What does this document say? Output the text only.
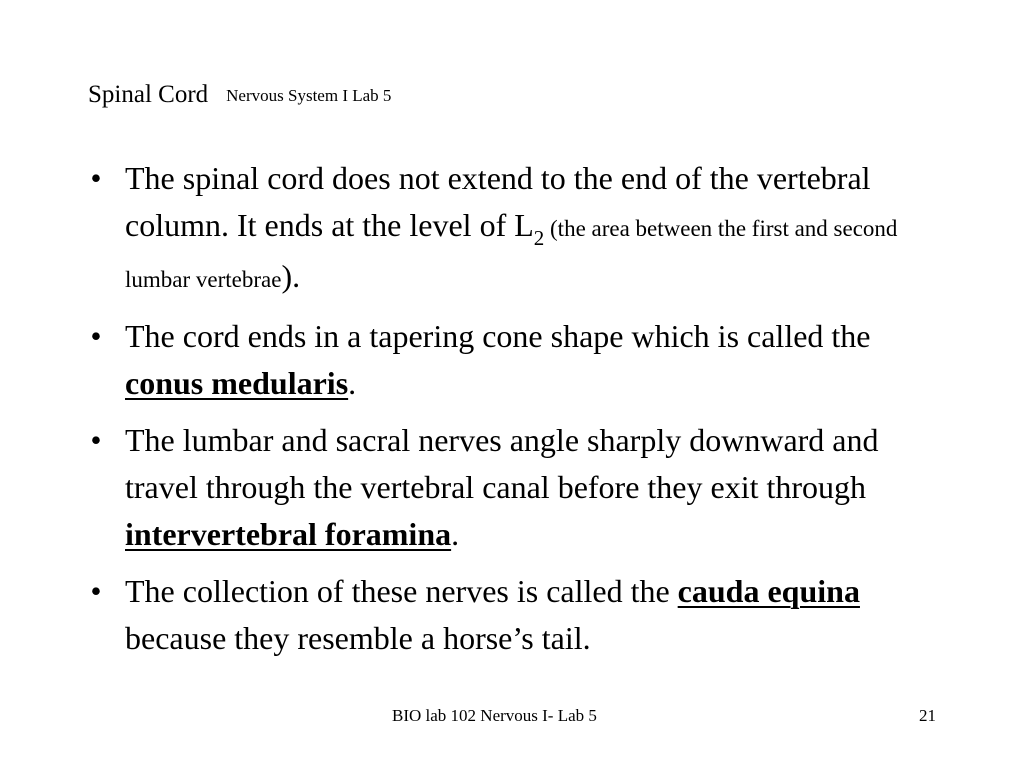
Spinal Cord Nervous System I Lab 5
• The spinal cord does not extend to the end of the vertebral column. It ends at the level of $L_2$ (the area between the first and second lumbar vertebrae).
• The cord ends in a tapering cone shape which is called the conus medularis.
• The lumbar and sacral nerves angle sharply downward and travel through the vertebral canal before they exit through intervertebral foramina.
• The collection of these nerves is called the cauda equina because they resemble a horse’s tail.
BIO lab 102 Nervous I- Lab 5	21
